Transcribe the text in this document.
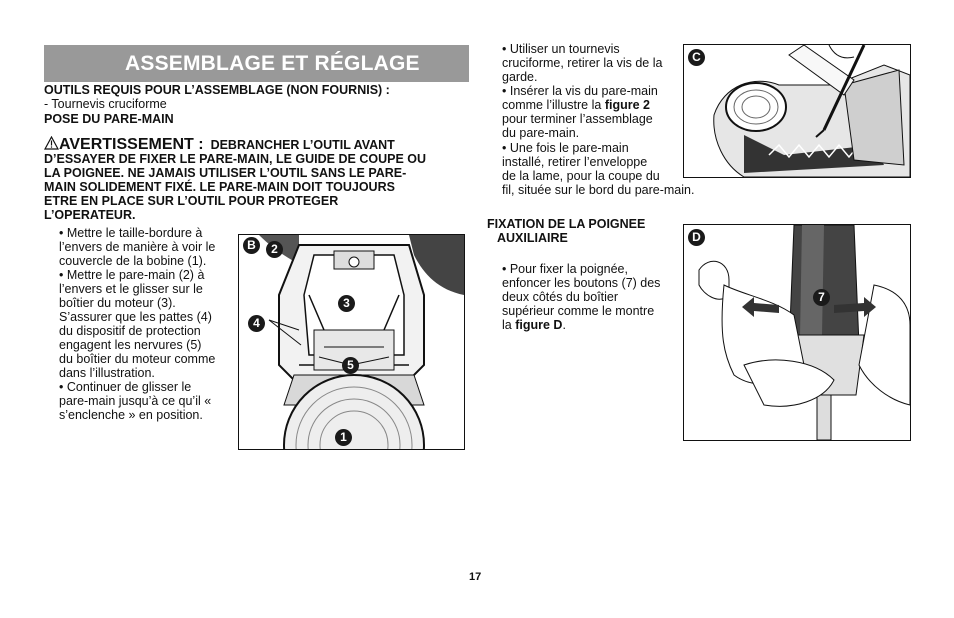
ASSEMBLAGE ET RÉGLAGE
OUTILS REQUIS POUR L’ASSEMBLAGE (NON FOURNIS) :
- Tournevis cruciforme
POSE DU PARE-MAIN
AVERTISSEMENT : DEBRANCHER L’OUTIL AVANT
D’ESSAYER DE FIXER LE PARE-MAIN, LE GUIDE DE COUPE OU
LA POIGNEE. NE JAMAIS UTILISER L’OUTIL SANS LE PARE-
MAIN SOLIDEMENT FIXÉ. LE PARE-MAIN DOIT TOUJOURS
ETRE EN PLACE SUR L’OUTIL POUR PROTEGER
L’OPERATEUR.
• Mettre le taille-bordure à
l’envers de manière à voir le
couvercle de la bobine (1).
• Mettre le pare-main (2) à
l’envers et le glisser sur le
boîtier du moteur (3).
S’assurer que les pattes (4)
du dispositif de protection
engagent les nervures (5)
du boîtier du moteur comme
dans l’illustration.
• Continuer de glisser le
pare-main jusqu’à ce qu’il «
s’enclenche » en position.
B	2
3
4
5
1
• Utiliser un tournevis
cruciforme, retirer la vis de la
garde.
• Insérer la vis du pare-main
comme l’illustre la figure 2
pour terminer l’assemblage
du pare-main.
• Une fois le pare-main
installé, retirer l’enveloppe
de la lame, pour la coupe du
fil, située sur le bord du pare-main.
C
FIXATION DE LA POIGNEE
AUXILIAIRE
• Pour fixer la poignée,
enfoncer les boutons (7) des
deux côtés du boîtier
supérieur comme le montre
la figure D.
D
7
17
